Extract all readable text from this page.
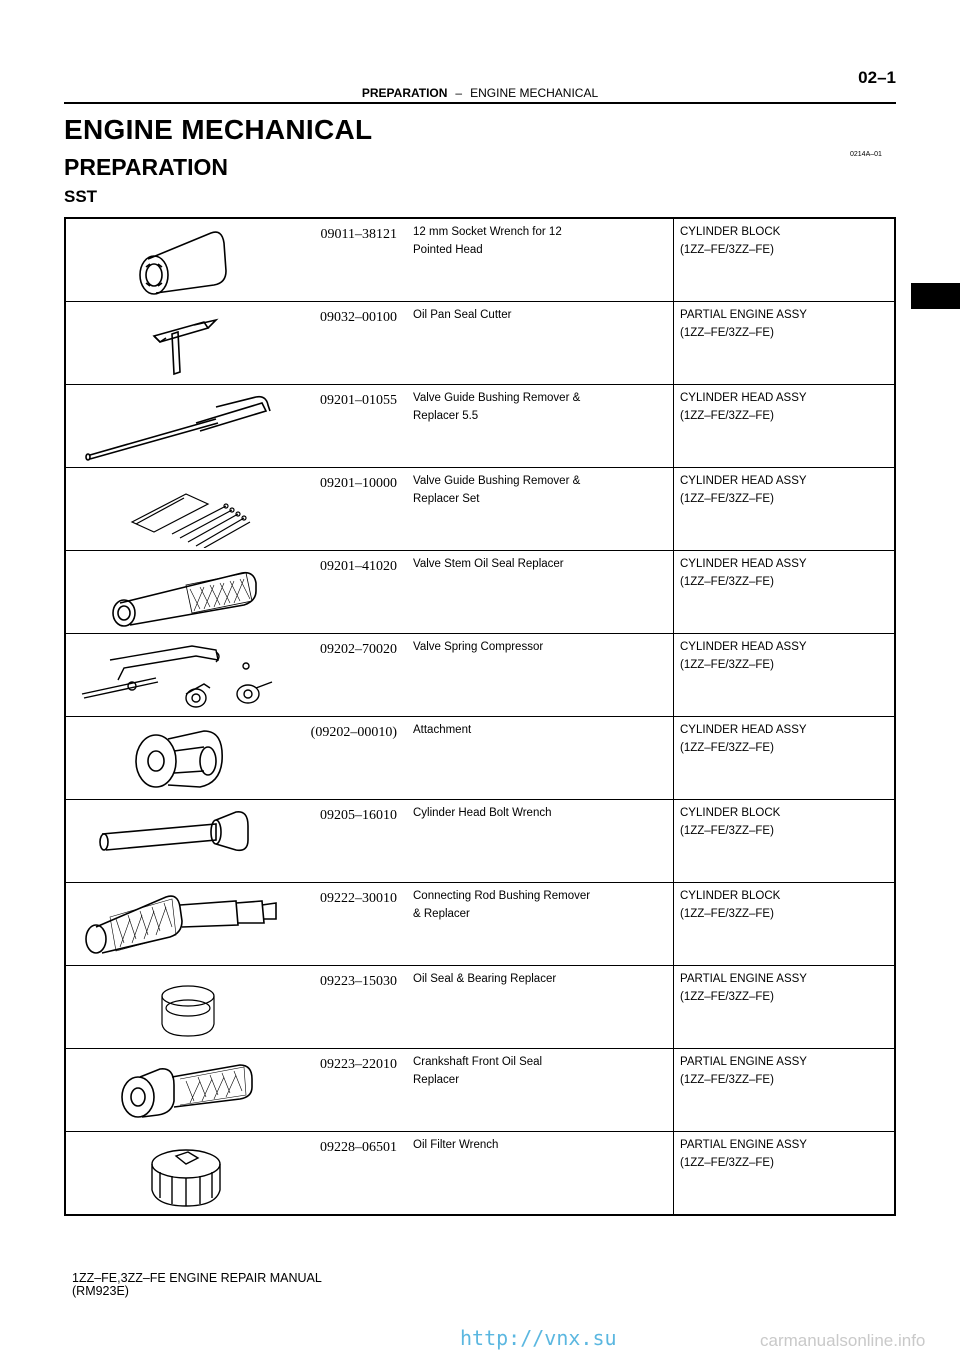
PREPARATION – ENGINE MECHANICAL
02–1
ENGINE MECHANICAL
PREPARATION	0214A–01
SST
09011–38121	12 mm Socket Wrench for 12
Pointed Head	CYLINDER BLOCK
(1ZZ–FE/3ZZ–FE)

09032–00100	Oil Pan Seal Cutter	PARTIAL ENGINE ASSY
(1ZZ–FE/3ZZ–FE)

09201–01055	Valve Guide Bushing Remover &
Replacer 5.5	CYLINDER HEAD ASSY
(1ZZ–FE/3ZZ–FE)

09201–10000	Valve Guide Bushing Remover &
Replacer Set	CYLINDER HEAD ASSY
(1ZZ–FE/3ZZ–FE)

09201–41020	Valve Stem Oil Seal Replacer	CYLINDER HEAD ASSY
(1ZZ–FE/3ZZ–FE)

09202–70020	Valve Spring Compressor	CYLINDER HEAD ASSY
(1ZZ–FE/3ZZ–FE)

(09202–00010)	Attachment	CYLINDER HEAD ASSY
(1ZZ–FE/3ZZ–FE)

09205–16010	Cylinder Head Bolt Wrench	CYLINDER BLOCK
(1ZZ–FE/3ZZ–FE)

09222–30010	Connecting Rod Bushing Remover
& Replacer	CYLINDER BLOCK
(1ZZ–FE/3ZZ–FE)

09223–15030	Oil Seal & Bearing Replacer	PARTIAL ENGINE ASSY
(1ZZ–FE/3ZZ–FE)

09223–22010	Crankshaft Front Oil Seal
Replacer	PARTIAL ENGINE ASSY
(1ZZ–FE/3ZZ–FE)

09228–06501	Oil Filter Wrench	PARTIAL ENGINE ASSY
(1ZZ–FE/3ZZ–FE)
1ZZ–FE,3ZZ–FE ENGINE REPAIR MANUAL
(RM923E)
http://vnx.su	carmanualsonline.info
